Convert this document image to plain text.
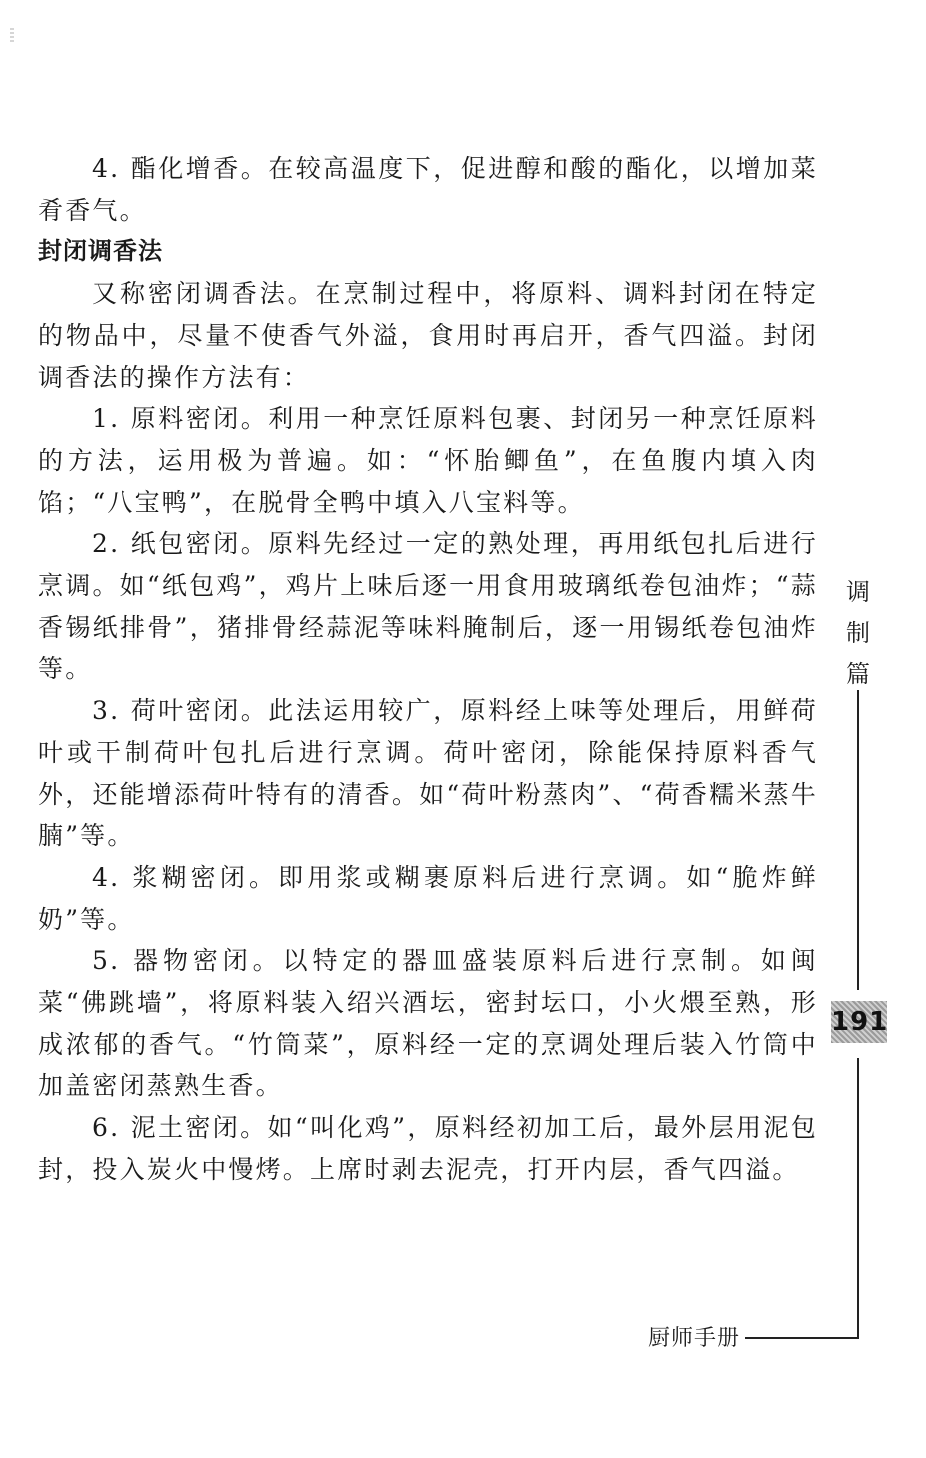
4. 酯化增香。在较高温度下，促进醇和酸的酯化，以增加菜肴香气。

封闭调香法

又称密闭调香法。在烹制过程中，将原料、调料封闭在特定的物品中，尽量不使香气外溢，食用时再启开，香气四溢。封闭调香法的操作方法有：

1. 原料密闭。利用一种烹饪原料包裹、封闭另一种烹饪原料的方法，运用极为普遍。如：“怀胎鲫鱼”，在鱼腹内填入肉馅；“八宝鸭”，在脱骨全鸭中填入八宝料等。

2. 纸包密闭。原料先经过一定的熟处理，再用纸包扎后进行烹调。如“纸包鸡”，鸡片上味后逐一用食用玻璃纸卷包油炸；“蒜香锡纸排骨”，猪排骨经蒜泥等味料腌制后，逐一用锡纸卷包油炸等。

3. 荷叶密闭。此法运用较广，原料经上味等处理后，用鲜荷叶或干制荷叶包扎后进行烹调。荷叶密闭，除能保持原料香气外，还能增添荷叶特有的清香。如“荷叶粉蒸肉”、“荷香糯米蒸牛腩”等。

4. 浆糊密闭。即用浆或糊裹原料后进行烹调。如“脆炸鲜奶”等。

5. 器物密闭。以特定的器皿盛装原料后进行烹制。如闽菜“佛跳墙”，将原料装入绍兴酒坛，密封坛口，小火煨至熟，形成浓郁的香气。“竹筒菜”，原料经一定的烹调处理后装入竹筒中加盖密闭蒸熟生香。

6. 泥土密闭。如“叫化鸡”，原料经初加工后，最外层用泥包封，投入炭火中慢烤。上席时剥去泥壳，打开内层，香气四溢。

调
制
篇
191
厨师手册
